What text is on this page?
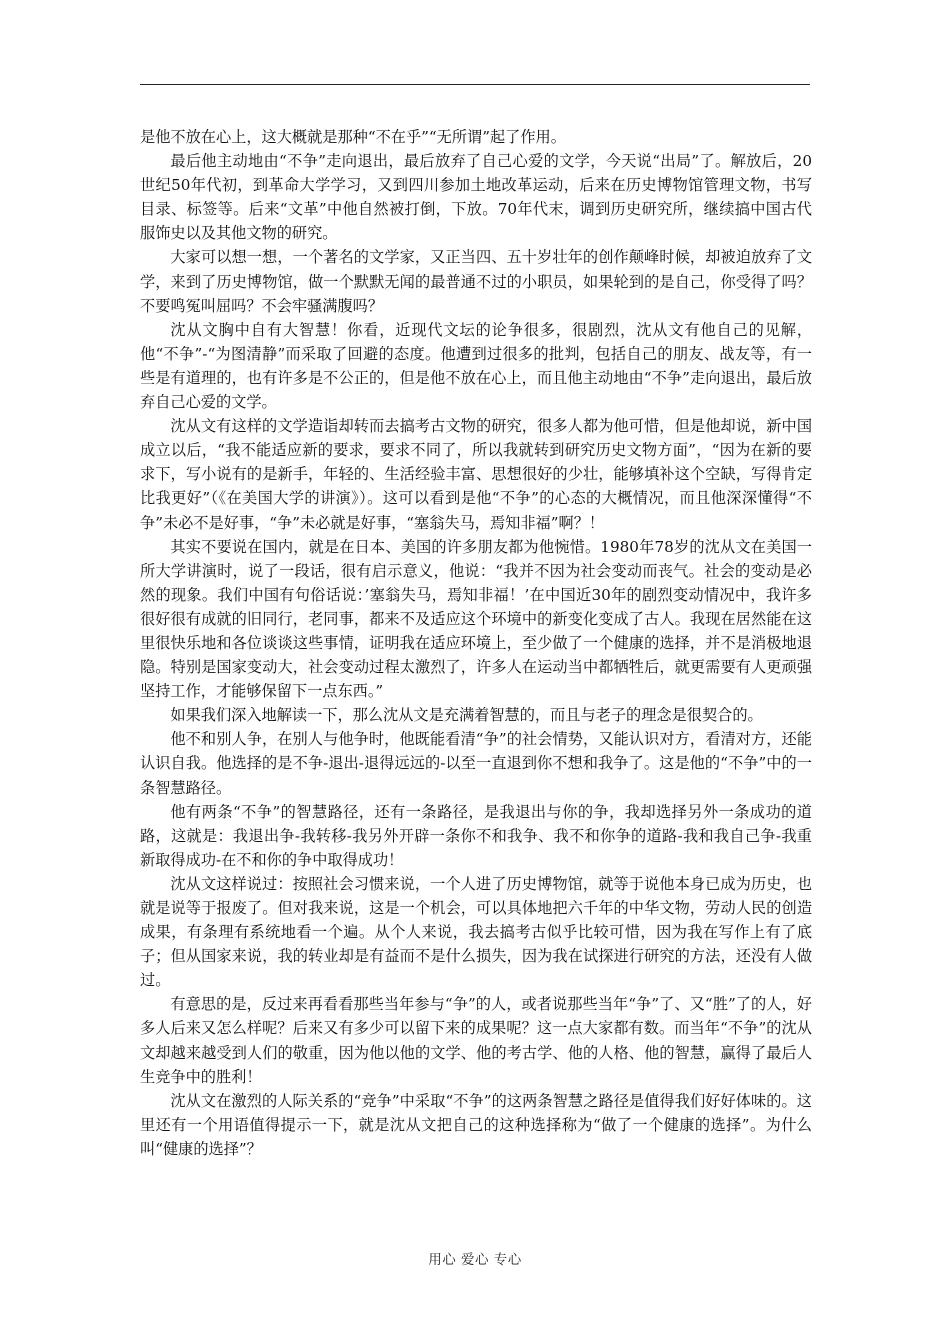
是他不放在心上，这大概就是那种“不在乎”“无所谓”起了作用。

最后他主动地由“不争”走向退出，最后放弃了自己心爱的文学，今天说“出局”了。解放后，20世纪50年代初，到革命大学学习，又到四川参加土地改革运动，后来在历史博物馆管理文物，书写目录、标签等。后来“文革”中他自然被打倒，下放。70年代末，调到历史研究所，继续搞中国古代服饰史以及其他文物的研究。

大家可以想一想，一个著名的文学家，又正当四、五十岁壮年的创作颠峰时候，却被迫放弃了文学，来到了历史博物馆，做一个默默无闻的最普通不过的小职员，如果轮到的是自己，你受得了吗？不要鸣冤叫屈吗？不会牢骚满腹吗？

沈从文胸中自有大智慧！你看，近现代文坛的论争很多，很剧烈，沈从文有他自己的见解，他“不争”-“为图清静”而采取了回避的态度。他遭到过很多的批判，包括自己的朋友、战友等，有一些是有道理的，也有许多是不公正的，但是他不放在心上，而且他主动地由“不争”走向退出，最后放弃自己心爱的文学。

沈从文有这样的文学造诣却转而去搞考古文物的研究，很多人都为他可惜，但是他却说，新中国成立以后，“我不能适应新的要求，要求不同了，所以我就转到研究历史文物方面”，“因为在新的要求下，写小说有的是新手，年轻的、生活经验丰富、思想很好的少壮，能够填补这个空缺，写得肯定比我更好”（《在美国大学的讲演》）。这可以看到是他“不争”的心态的大概情况，而且他深深懂得“不争”未必不是好事，“争”未必就是好事，“塞翁失马，焉知非福”啊？！

其实不要说在国内，就是在日本、美国的许多朋友都为他惋惜。1980年78岁的沈从文在美国一所大学讲演时，说了一段话，很有启示意义，他说：“我并不因为社会变动而丧气。社会的变动是必然的现象。我们中国有句俗话说：’塞翁失马，焉知非福！’在中国近30年的剧烈变动情况中，我许多很好很有成就的旧同行，老同事，都来不及适应这个环境中的新变化变成了古人。我现在居然能在这里很快乐地和各位谈谈这些事情，证明我在适应环境上，至少做了一个健康的选择，并不是消极地退隐。特别是国家变动大，社会变动过程太激烈了，许多人在运动当中都牺牲后，就更需要有人更顽强坚持工作，才能够保留下一点东西。”

如果我们深入地解读一下，那么沈从文是充满着智慧的，而且与老子的理念是很契合的。

他不和别人争，在别人与他争时，他既能看清“争”的社会情势，又能认识对方，看清对方，还能认识自我。他选择的是不争-退出-退得远远的-以至一直退到你不想和我争了。这是他的“不争”中的一条智慧路径。

他有两条“不争”的智慧路径，还有一条路径，是我退出与你的争，我却选择另外一条成功的道路，这就是：我退出争-我转移-我另外开辟一条你不和我争、我不和你争的道路-我和我自己争-我重新取得成功-在不和你的争中取得成功！

沈从文这样说过：按照社会习惯来说，一个人进了历史博物馆，就等于说他本身已成为历史，也就是说等于报废了。但对我来说，这是一个机会，可以具体地把六千年的中华文物，劳动人民的创造成果，有条理有系统地看一个遍。从个人来说，我去搞考古似乎比较可惜，因为我在写作上有了底子；但从国家来说，我的转业却是有益而不是什么损失，因为我在试探进行研究的方法，还没有人做过。

有意思的是，反过来再看看那些当年参与“争”的人，或者说那些当年“争”了、又“胜”了的人，好多人后来又怎么样呢？后来又有多少可以留下来的成果呢？这一点大家都有数。而当年“不争”的沈从文却越来越受到人们的敬重，因为他以他的文学、他的考古学、他的人格、他的智慧，赢得了最后人生竞争中的胜利！

沈从文在激烈的人际关系的“竞争”中采取“不争”的这两条智慧之路径是值得我们好好体味的。这里还有一个用语值得提示一下，就是沈从文把自己的这种选择称为“做了一个健康的选择”。为什么叫“健康的选择”？

用心 爱心 专心
